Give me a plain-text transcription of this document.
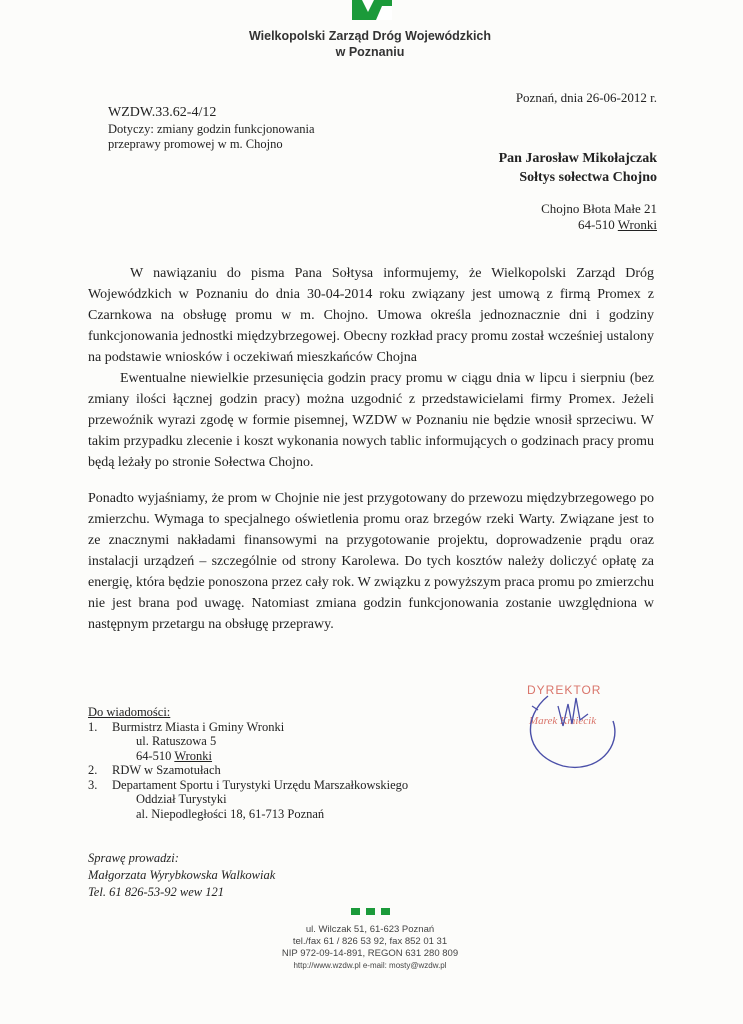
Wielkopolski Zarząd Dróg Wojewódzkich
w Poznaniu
Poznań, dnia 26-06-2012 r.
WZDW.33.62-4/12
Dotyczy: zmiany godzin funkcjonowania
przeprawy promowej w m. Chojno
Pan Jarosław Mikołajczak
Sołtys sołectwa Chojno
Chojno Błota Małe 21
64-510 Wronki

W nawiązaniu do pisma Pana Sołtysa informujemy, że Wielkopolski Zarząd Dróg Wojewódzkich w Poznaniu do dnia 30-04-2014 roku związany jest umową z firmą Promex z Czarnkowa na obsługę promu w m. Chojno. Umowa określa jednoznacznie dni i godziny funkcjonowania jednostki międzybrzegowej. Obecny rozkład pracy promu został wcześniej ustalony na podstawie wniosków i oczekiwań mieszkańców Chojna

Ewentualne niewielkie przesunięcia godzin pracy promu w ciągu dnia w lipcu i sierpniu (bez zmiany ilości łącznej godzin pracy) można uzgodnić z przedstawicielami firmy Promex. Jeżeli przewoźnik wyrazi zgodę w formie pisemnej, WZDW w Poznaniu nie będzie wnosił sprzeciwu. W takim przypadku zlecenie i koszt wykonania nowych tablic informujących o godzinach pracy promu będą leżały po stronie Sołectwa Chojno.

Ponadto wyjaśniamy, że prom w Chojnie nie jest przygotowany do przewozu międzybrzegowego po zmierzchu. Wymaga to specjalnego oświetlenia promu oraz brzegów rzeki Warty. Związane jest to ze znacznymi nakładami finansowymi na przygotowanie projektu, doprowadzenie prądu oraz instalacji urządzeń – szczególnie od strony Karolewa. Do tych kosztów należy doliczyć opłatę za energię, która będzie ponoszona przez cały rok. W związku z powyższym praca promu po zmierzchu nie jest brana pod uwagę. Natomiast zmiana godzin funkcjonowania zostanie uwzględniona w następnym przetargu na obsługę przeprawy.

DYREKTOR
Marek Kmiecik
Do wiadomości:
1. Burmistrz Miasta i Gminy Wronki
ul. Ratuszowa 5
64-510 Wronki
2. RDW w Szamotułach
3. Departament Sportu i Turystyki Urzędu Marszałkowskiego
Oddział Turystyki
al. Niepodległości 18, 61-713 Poznań
Sprawę prowadzi:
Małgorzata Wyrybkowska Walkowiak
Tel. 61 826-53-92 wew 121
ul. Wilczak 51, 61-623 Poznań
tel./fax 61 / 826 53 92, fax 852 01 31
NIP 972-09-14-891, REGON 631 280 809
http://www.wzdw.pl e-mail: mosty@wzdw.pl
